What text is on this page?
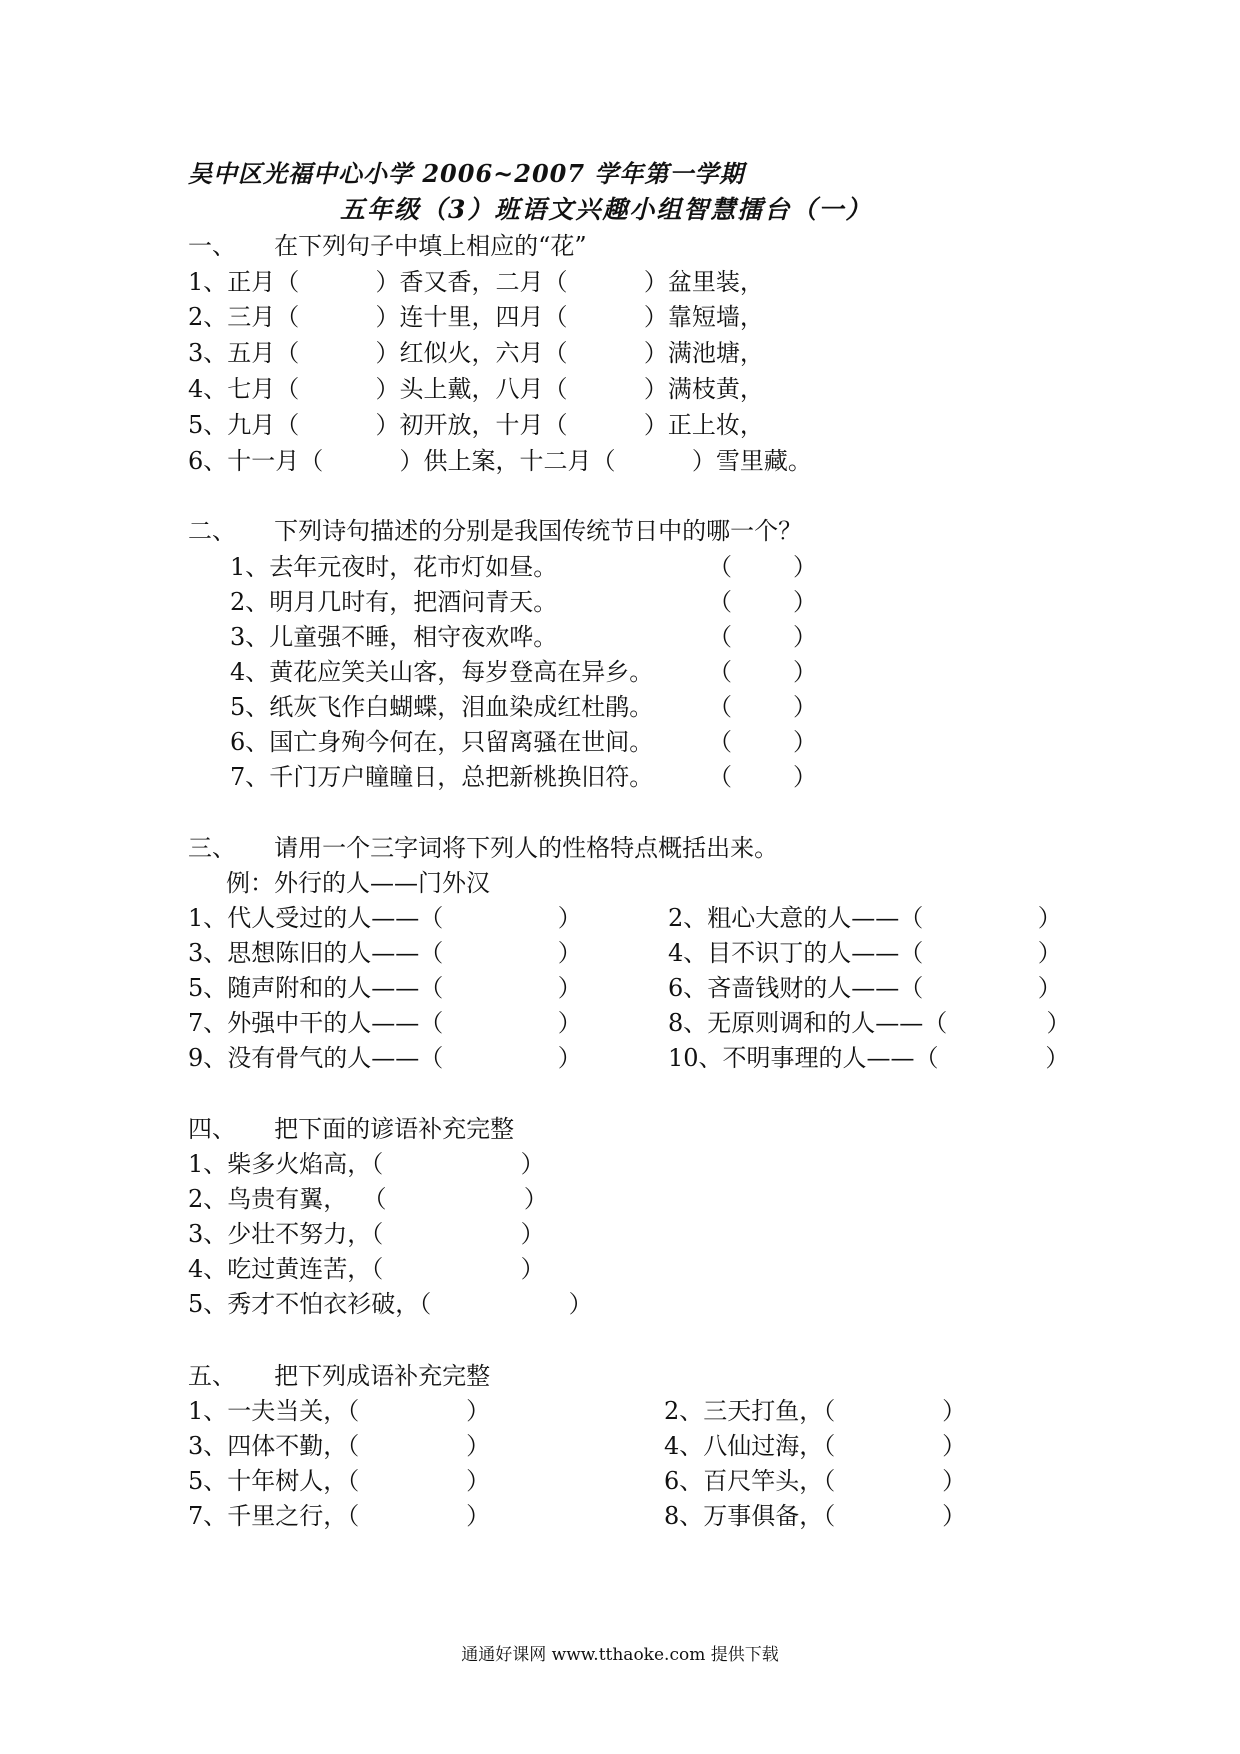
吴中区光福中心小学 2006~2007 学年第一学期
五年级（3）班语文兴趣小组智慧擂台（一）
一、     在下列句子中填上相应的“花”
1、正月（          ）香又香，二月（          ）盆里装，
2、三月（          ）连十里，四月（          ）靠短墙，
3、五月（          ）红似火，六月（          ）满池塘，
4、七月（          ）头上戴，八月（          ）满枝黄，
5、九月（          ）初开放，十月（          ）正上妆，
6、十一月（          ）供上案，十二月（          ）雪里藏。
二、     下列诗句描述的分别是我国传统节日中的哪一个？
1、去年元夜时，花市灯如昼。	（        ）
2、明月几时有，把酒问青天。	（        ）
3、儿童强不睡，相守夜欢哗。	（        ）
4、黄花应笑关山客，每岁登高在异乡。 （        ）
5、纸灰飞作白蝴蝶，泪血染成红杜鹃。 （        ）
6、国亡身殉今何在，只留离骚在世间。 （        ）
7、千门万户瞳瞳日，总把新桃换旧符。 （        ）
三、     请用一个三字词将下列人的性格特点概括出来。
例：外行的人——门外汉
1、代人受过的人——（               ）	2、粗心大意的人——（               ）
3、思想陈旧的人——（               ）	4、目不识丁的人——（               ）
5、随声附和的人——（               ）	6、吝啬钱财的人——（               ）
7、外强中干的人——（               ）	8、无原则调和的人——（             ）
9、没有骨气的人——（               ）	10、不明事理的人——（              ）
四、     把下面的谚语补充完整
1、柴多火焰高，（                  ）
2、鸟贵有翼，  （                  ）
3、少壮不努力，（                  ）
4、吃过黄连苦，（                  ）
5、秀才不怕衣衫破，（                  ）
五、     把下列成语补充完整
1、一夫当关，（              ）	2、三天打鱼，（              ）
3、四体不勤，（              ）	4、八仙过海，（              ）
5、十年树人，（              ）	6、百尺竿头，（              ）
7、千里之行，（              ）	8、万事俱备，（              ）
通通好课网 www.tthaoke.com 提供下载
